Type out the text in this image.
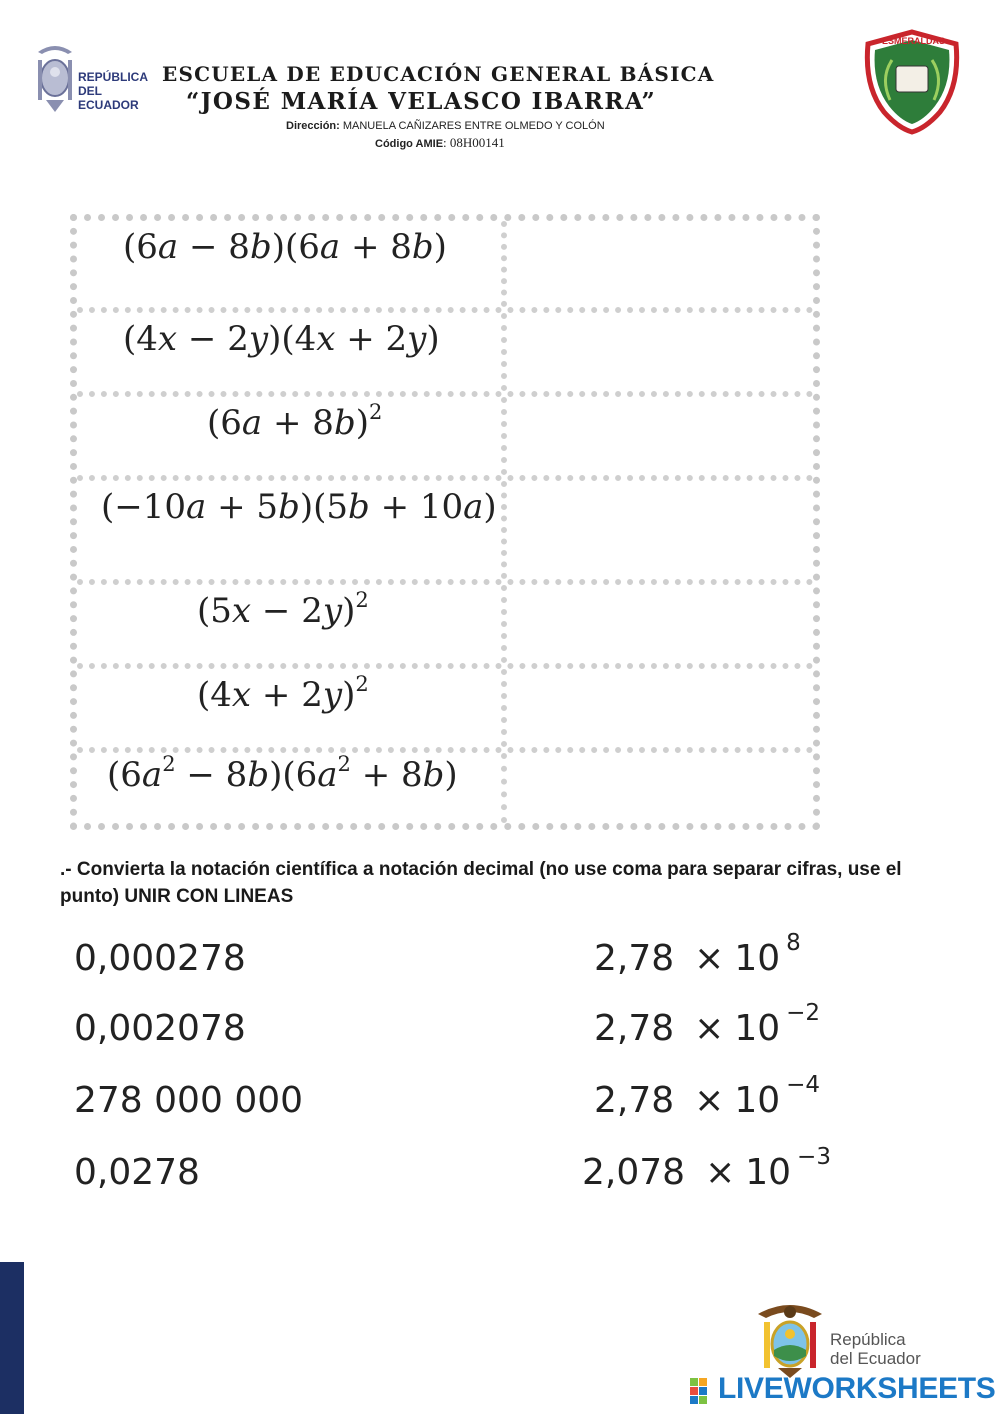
REPÚBLICA
DEL ECUADOR
ESCUELA DE EDUCACIÓN GENERAL BÁSICA
“JOSÉ MARÍA VELASCO IBARRA”
Dirección: MANUELA CAÑIZARES ENTRE OLMEDO Y COLÓN
Código AMIE: 08H00141
ESMERALDAS
(6a − 8b)(6a + 8b)
(4x − 2y)(4x + 2y)
$(6a + 8b)^2$
(−10a + 5b)(5b + 10a)
$(5x - 2y)^2$
$(4x + 2y)^2$
$(6a^2 - 8b)(6a^2 + 8b)$
.- Convierta la notación científica a notación decimal (no use coma para separar cifras, use el punto) UNIR CON LINEAS
0,000278
0,002078
278 000 000
0,0278
2,78 × 10 $^8$
2,78 × 10 $^{-2}$
2,78 × 10 $^{-4}$
2,078 × 10 $^{-3}$
República
del Ecuador
LIVEWORKSHEETS
